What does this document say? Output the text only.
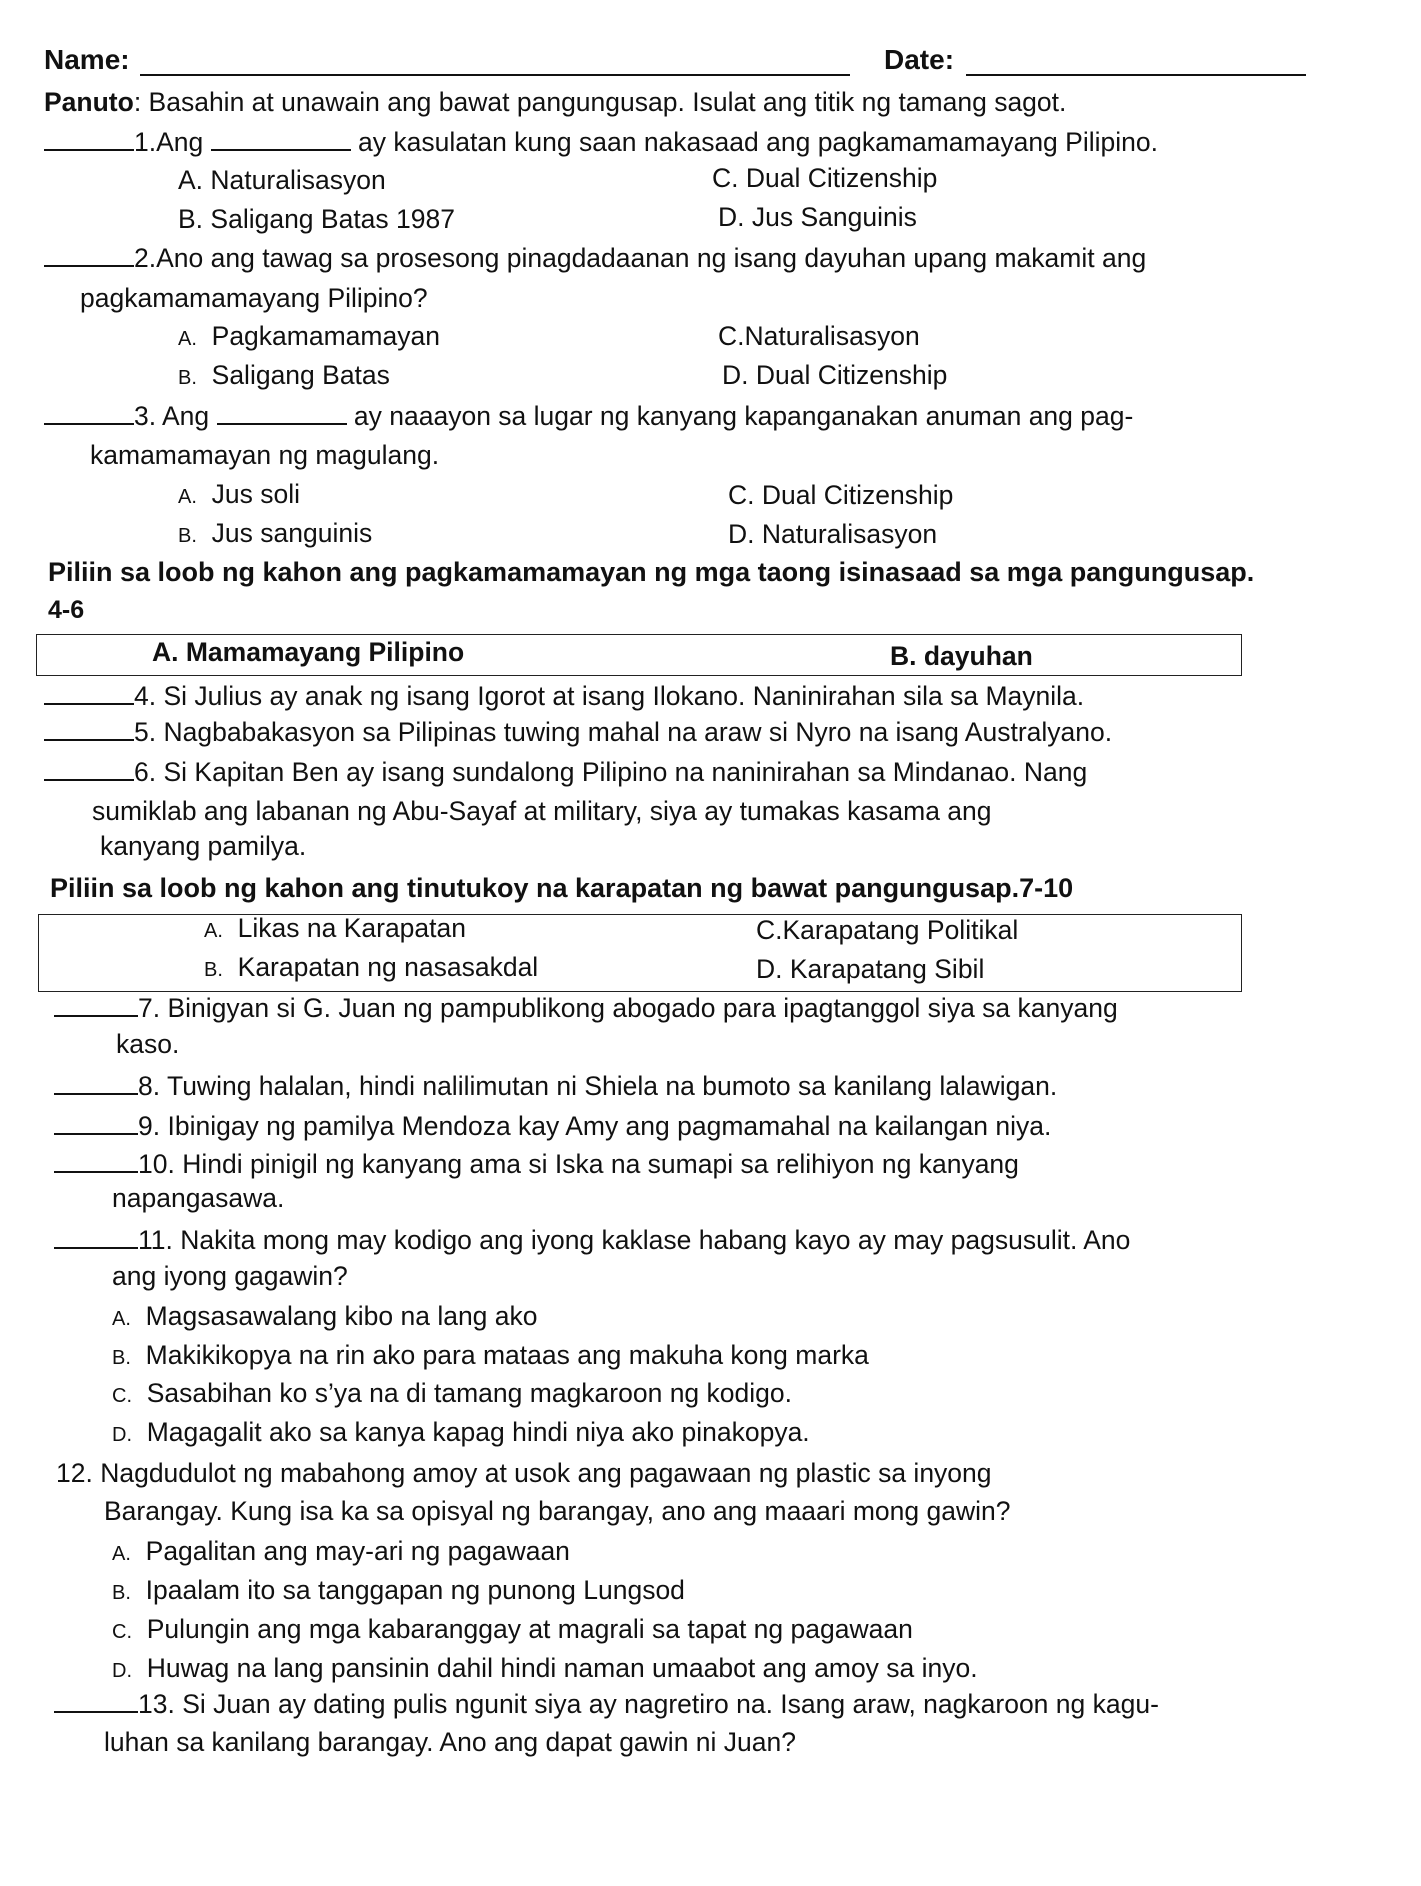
Name:	Date:
Panuto: Basahin at unawain ang bawat pangungusap. Isulat ang titik ng tamang sagot.
1.Ang	ay kasulatan kung saan nakasaad ang pagkamamamayang Pilipino.
A. Naturalisasyon	C. Dual Citizenship
B. Saligang Batas 1987	D. Jus Sanguinis
2.Ano ang tawag sa prosesong pinagdadaanan ng isang dayuhan upang makamit ang
pagkamamamayang Pilipino?
A. Pagkamamamayan	C.Naturalisasyon
B. Saligang Batas	D. Dual Citizenship
3. Ang	ay naaayon sa lugar ng kanyang kapanganakan anuman ang pag-
kamamamayan ng magulang.
A. Jus soli	C. Dual Citizenship
B. Jus sanguinis	D. Naturalisasyon
Piliin sa loob ng kahon ang pagkamamamayan ng mga taong isinasaad sa mga pangungusap.
4-6
A. Mamamayang Pilipino	B. dayuhan
4. Si Julius ay anak ng isang Igorot at isang Ilokano. Naninirahan sila sa Maynila.
5. Nagbabakasyon sa Pilipinas tuwing mahal na araw si Nyro na isang Australyano.
6. Si Kapitan Ben ay isang sundalong Pilipino na naninirahan sa Mindanao. Nang
sumiklab ang labanan ng Abu-Sayaf at military, siya ay tumakas kasama ang
kanyang pamilya.
Piliin sa loob ng kahon ang tinutukoy na karapatan ng bawat pangungusap.7-10
A. Likas na Karapatan	C.Karapatang Politikal
B. Karapatan ng nasasakdal	D. Karapatang Sibil
7. Binigyan si G. Juan ng pampublikong abogado para ipagtanggol siya sa kanyang
kaso.
8. Tuwing halalan, hindi nalilimutan ni Shiela na bumoto sa kanilang lalawigan.
9. Ibinigay ng pamilya Mendoza kay Amy ang pagmamahal na kailangan niya.
10. Hindi pinigil ng kanyang ama si Iska na sumapi sa relihiyon ng kanyang
napangasawa.
11. Nakita mong may kodigo ang iyong kaklase habang kayo ay may pagsusulit. Ano
ang iyong gagawin?
A. Magsasawalang kibo na lang ako
B. Makikikopya na rin ako para mataas ang makuha kong marka
C. Sasabihan ko s’ya na di tamang magkaroon ng kodigo.
D. Magagalit ako sa kanya kapag hindi niya ako pinakopya.
12. Nagdudulot ng mabahong amoy at usok ang pagawaan ng plastic sa inyong
Barangay. Kung isa ka sa opisyal ng barangay, ano ang maaari mong gawin?
A. Pagalitan ang may-ari ng pagawaan
B. Ipaalam ito sa tanggapan ng punong Lungsod
C. Pulungin ang mga kabaranggay at magrali sa tapat ng pagawaan
D. Huwag na lang pansinin dahil hindi naman umaabot ang amoy sa inyo.
13. Si Juan ay dating pulis ngunit siya ay nagretiro na. Isang araw, nagkaroon ng kagu-
luhan sa kanilang barangay. Ano ang dapat gawin ni Juan?
